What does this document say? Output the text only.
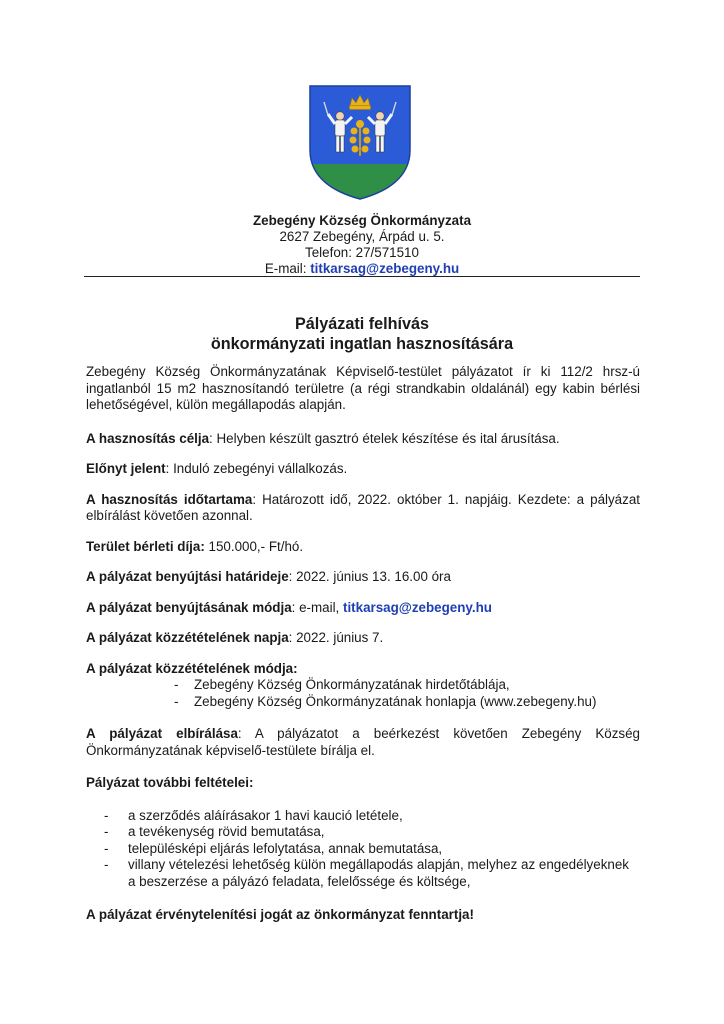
Zebegény Község Önkormányzata
2627 Zebegény, Árpád u. 5.
Telefon: 27/571510
E-mail: titkarsag@zebegeny.hu
Pályázati felhívás
önkormányzati ingatlan hasznosítására

Zebegény Község Önkormányzatának Képviselő-testület pályázatot ír ki 112/2 hrsz-ú ingatlanból 15 m2 hasznosítandó területre (a régi strandkabin oldalánál) egy kabin bérlési lehetőségével, külön megállapodás alapján.

A hasznosítás célja: Helyben készült gasztró ételek készítése és ital árusítása.

Előnyt jelent: Induló zebegényi vállalkozás.

A hasznosítás időtartama: Határozott idő, 2022. október 1. napjáig. Kezdete: a pályázat elbírálást követően azonnal.

Terület bérleti díja: 150.000,- Ft/hó.

A pályázat benyújtási határideje: 2022. június 13. 16.00 óra

A pályázat benyújtásának módja: e-mail, titkarsag@zebegeny.hu

A pályázat közzétételének napja: 2022. június 7.

A pályázat közzétételének módja:

- Zebegény Község Önkormányzatának hirdetőtáblája,
- Zebegény Község Önkormányzatának honlapja (www.zebegeny.hu)

A pályázat elbírálása: A pályázatot a beérkezést követően Zebegény Község Önkormányzatának képviselő-testülete bírálja el.

Pályázat további feltételei:

- a szerződés aláírásakor 1 havi kaució letétele,
- a tevékenység rövid bemutatása,
- településképi eljárás lefolytatása, annak bemutatása,
- villany vételezési lehetőség külön megállapodás alapján, melyhez az engedélyeknek a beszerzése a pályázó feladata, felelőssége és költsége,

A pályázat érvénytelenítési jogát az önkormányzat fenntartja!
